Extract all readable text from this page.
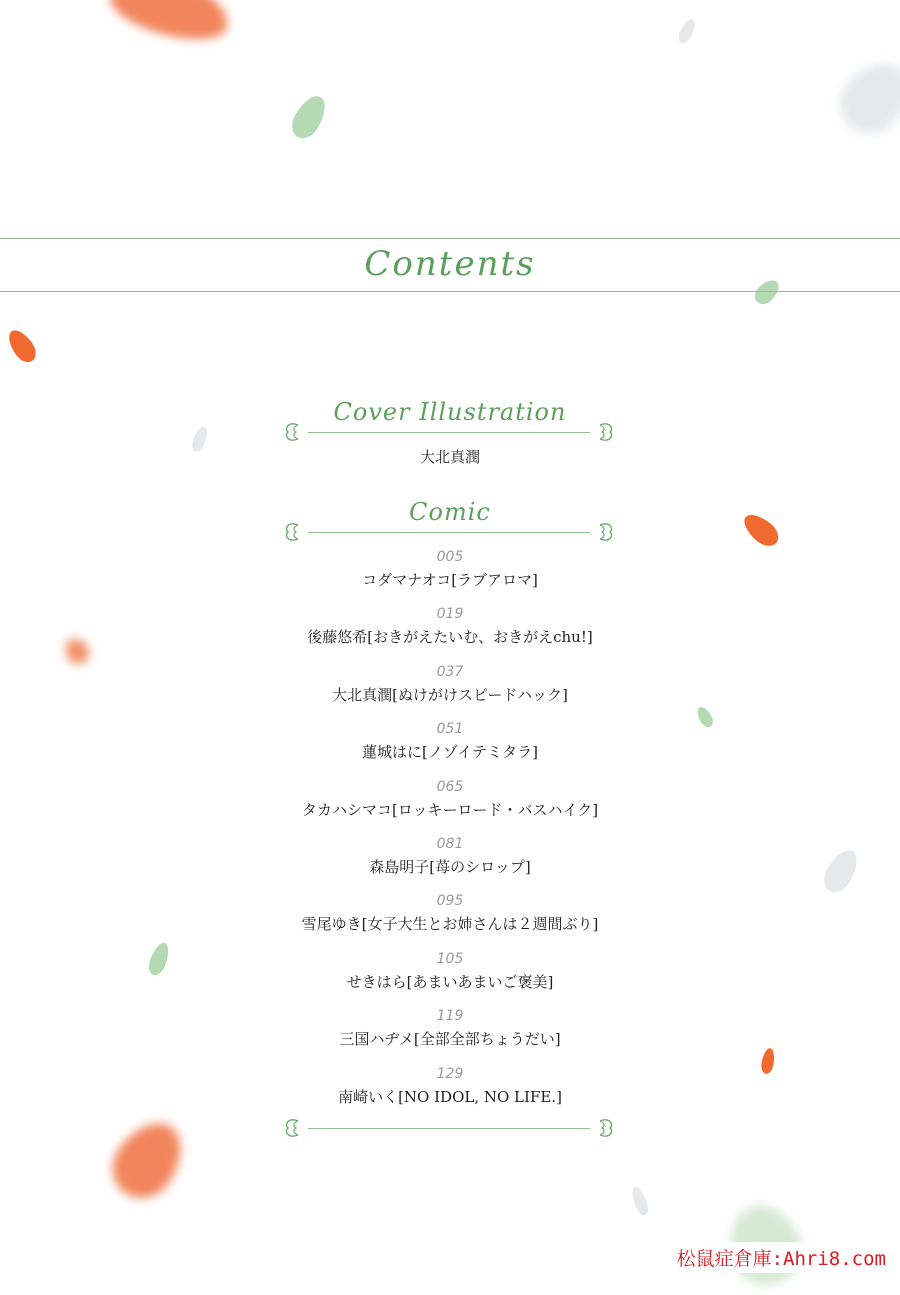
Contents
Cover Illustration
大北真潤
Comic
005
コダマナオコ[ラブアロマ]
019
後藤悠希[おきがえたいむ、おきがえchu!]
037
大北真潤[ぬけがけスピードハック]
051
蓮城はに[ノゾイテミタラ]
065
タカハシマコ[ロッキーロード・バスハイク]
081
森島明子[苺のシロップ]
095
雪尾ゆき[女子大生とお姉さんは２週間ぶり]
105
せきはら[あまいあまいご褒美]
119
三国ハヂメ[全部全部ちょうだい]
129
南崎いく[NO IDOL, NO LIFE.]
松鼠症倉庫:Ahri8.com
